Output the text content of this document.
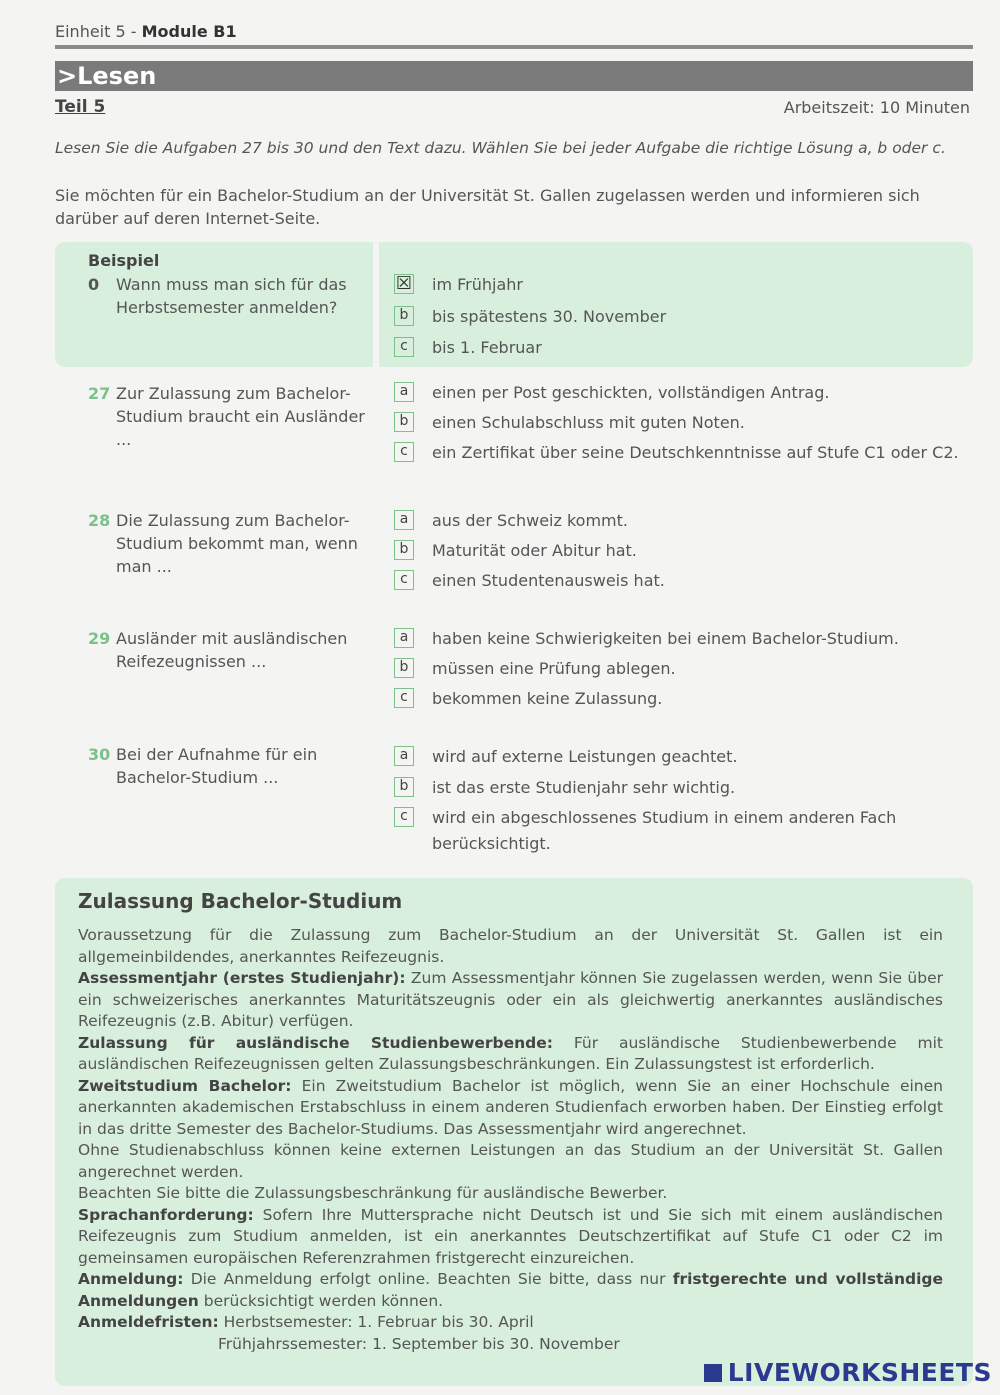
Einheit 5 - Module B1
>Lesen
Teil 5	Arbeitszeit: 10 Minuten
Lesen Sie die Aufgaben 27 bis 30 und den Text dazu. Wählen Sie bei jeder Aufgabe die richtige Lösung a, b oder c.
Sie möchten für ein Bachelor-Studium an der Universität St. Gallen zugelassen werden und informieren sich darüber auf deren Internet-Seite.
Beispiel
0 Wann muss man sich für das Herbstsemester anmelden?
☒ im Frühjahr
b	bis spätestens 30. November
c	bis 1. Februar
27 Zur Zulassung zum Bachelor-Studium braucht ein Ausländer ...
a	einen per Post geschickten, vollständigen Antrag.
b	einen Schulabschluss mit guten Noten.
c	ein Zertifikat über seine Deutschkenntnisse auf Stufe C1 oder C2.
28 Die Zulassung zum Bachelor-Studium bekommt man, wenn man ...
a	aus der Schweiz kommt.
b	Maturität oder Abitur hat.
c	einen Studentenausweis hat.
29 Ausländer mit ausländischen Reifezeugnissen ...
a	haben keine Schwierigkeiten bei einem Bachelor-Studium.
b	müssen eine Prüfung ablegen.
c	bekommen keine Zulassung.
30 Bei der Aufnahme für ein Bachelor-Studium ...
a	wird auf externe Leistungen geachtet.
b	ist das erste Studienjahr sehr wichtig.
c	wird ein abgeschlossenes Studium in einem anderen Fach berücksichtigt.
Zulassung Bachelor-Studium

Voraussetzung für die Zulassung zum Bachelor-Studium an der Universität St. Gallen ist ein allgemeinbildendes, anerkanntes Reifezeugnis.

Assessmentjahr (erstes Studienjahr): Zum Assessmentjahr können Sie zugelassen werden, wenn Sie über ein schweizerisches anerkanntes Maturitätszeugnis oder ein als gleichwertig anerkanntes ausländisches Reifezeugnis (z.B. Abitur) verfügen.

Zulassung für ausländische Studienbewerbende: Für ausländische Studienbewerbende mit ausländischen Reifezeugnissen gelten Zulassungsbeschränkungen. Ein Zulassungstest ist erforderlich.

Zweitstudium Bachelor: Ein Zweitstudium Bachelor ist möglich, wenn Sie an einer Hochschule einen anerkannten akademischen Erstabschluss in einem anderen Studienfach erworben haben. Der Einstieg erfolgt in das dritte Semester des Bachelor-Studiums. Das Assessmentjahr wird angerechnet.

Ohne Studienabschluss können keine externen Leistungen an das Studium an der Universität St. Gallen angerechnet werden.

Beachten Sie bitte die Zulassungsbeschränkung für ausländische Bewerber.

Sprachanforderung: Sofern Ihre Muttersprache nicht Deutsch ist und Sie sich mit einem ausländischen Reifezeugnis zum Studium anmelden, ist ein anerkanntes Deutschzertifikat auf Stufe C1 oder C2 im gemeinsamen europäischen Referenzrahmen fristgerecht einzureichen.

Anmeldung: Die Anmeldung erfolgt online. Beachten Sie bitte, dass nur fristgerechte und vollständige Anmeldungen berücksichtigt werden können.

Anmeldefristen: Herbstsemester: 1. Februar bis 30. April

Frühjahrssemester: 1. September bis 30. November

LIVEWORKSHEETS
